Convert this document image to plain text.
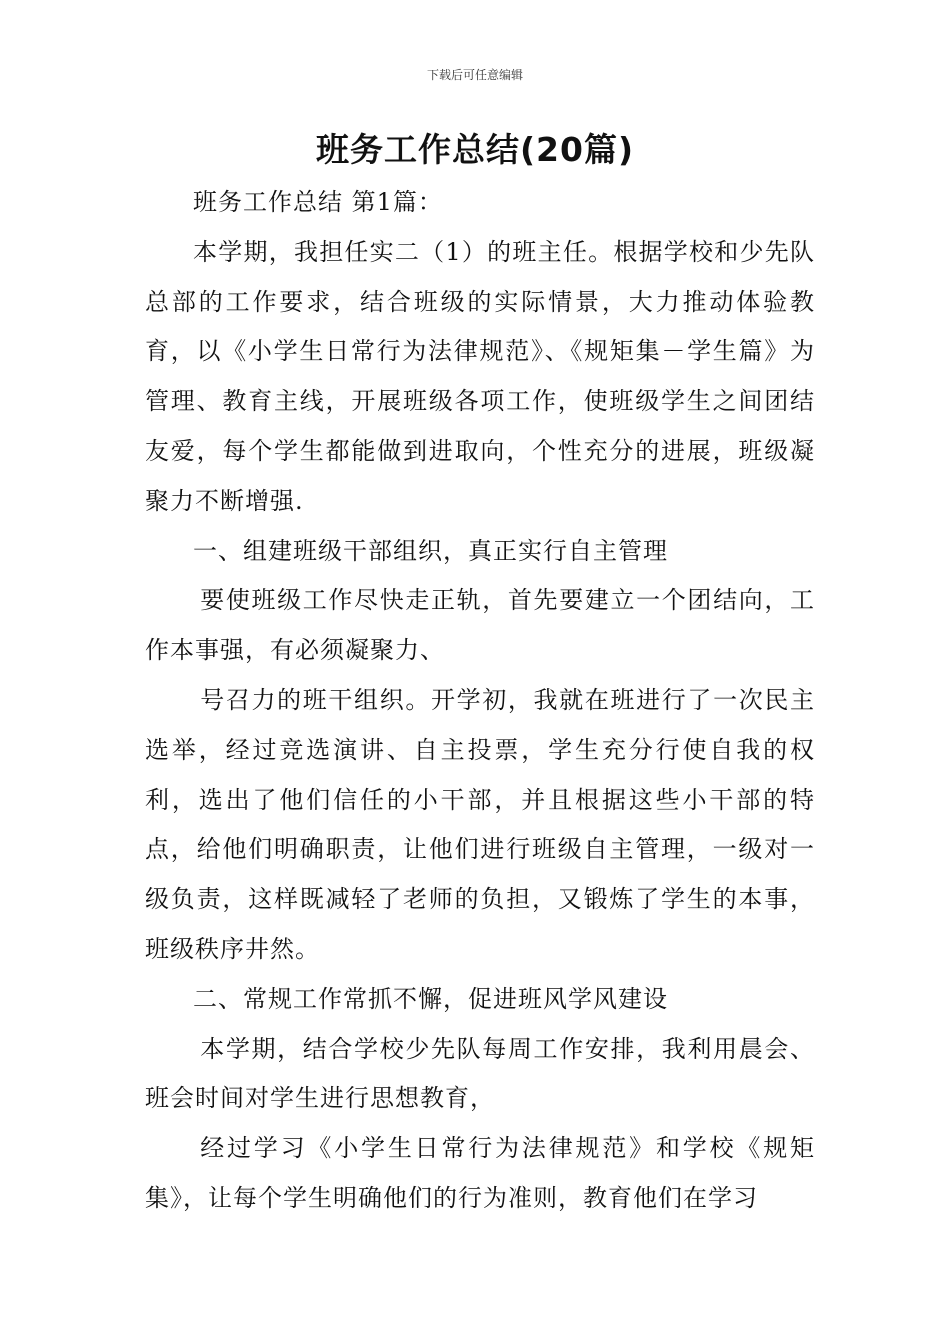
下载后可任意编辑
班务工作总结(20篇)

班务工作总结 第1篇：

本学期，我担任实二（1）的班主任。根据学校和少先队总部的工作要求，结合班级的实际情景，大力推动体验教育，以《小学生日常行为法律规范》、《规矩集－学生篇》为管理、教育主线，开展班级各项工作，使班级学生之间团结友爱，每个学生都能做到进取向，个性充分的进展，班级凝聚力不断增强.

一、组建班级干部组织，真正实行自主管理

要使班级工作尽快走正轨，首先要建立一个团结向，工作本事强，有必须凝聚力、

号召力的班干组织。开学初，我就在班进行了一次民主选举，经过竞选演讲、自主投票，学生充分行使自我的权利，选出了他们信任的小干部，并且根据这些小干部的特点，给他们明确职责，让他们进行班级自主管理，一级对一级负责，这样既减轻了老师的负担，又锻炼了学生的本事，班级秩序井然。

二、常规工作常抓不懈，促进班风学风建设

本学期，结合学校少先队每周工作安排，我利用晨会、班会时间对学生进行思想教育，

经过学习《小学生日常行为法律规范》和学校《规矩集》，让每个学生明确他们的行为准则，教育他们在学习
